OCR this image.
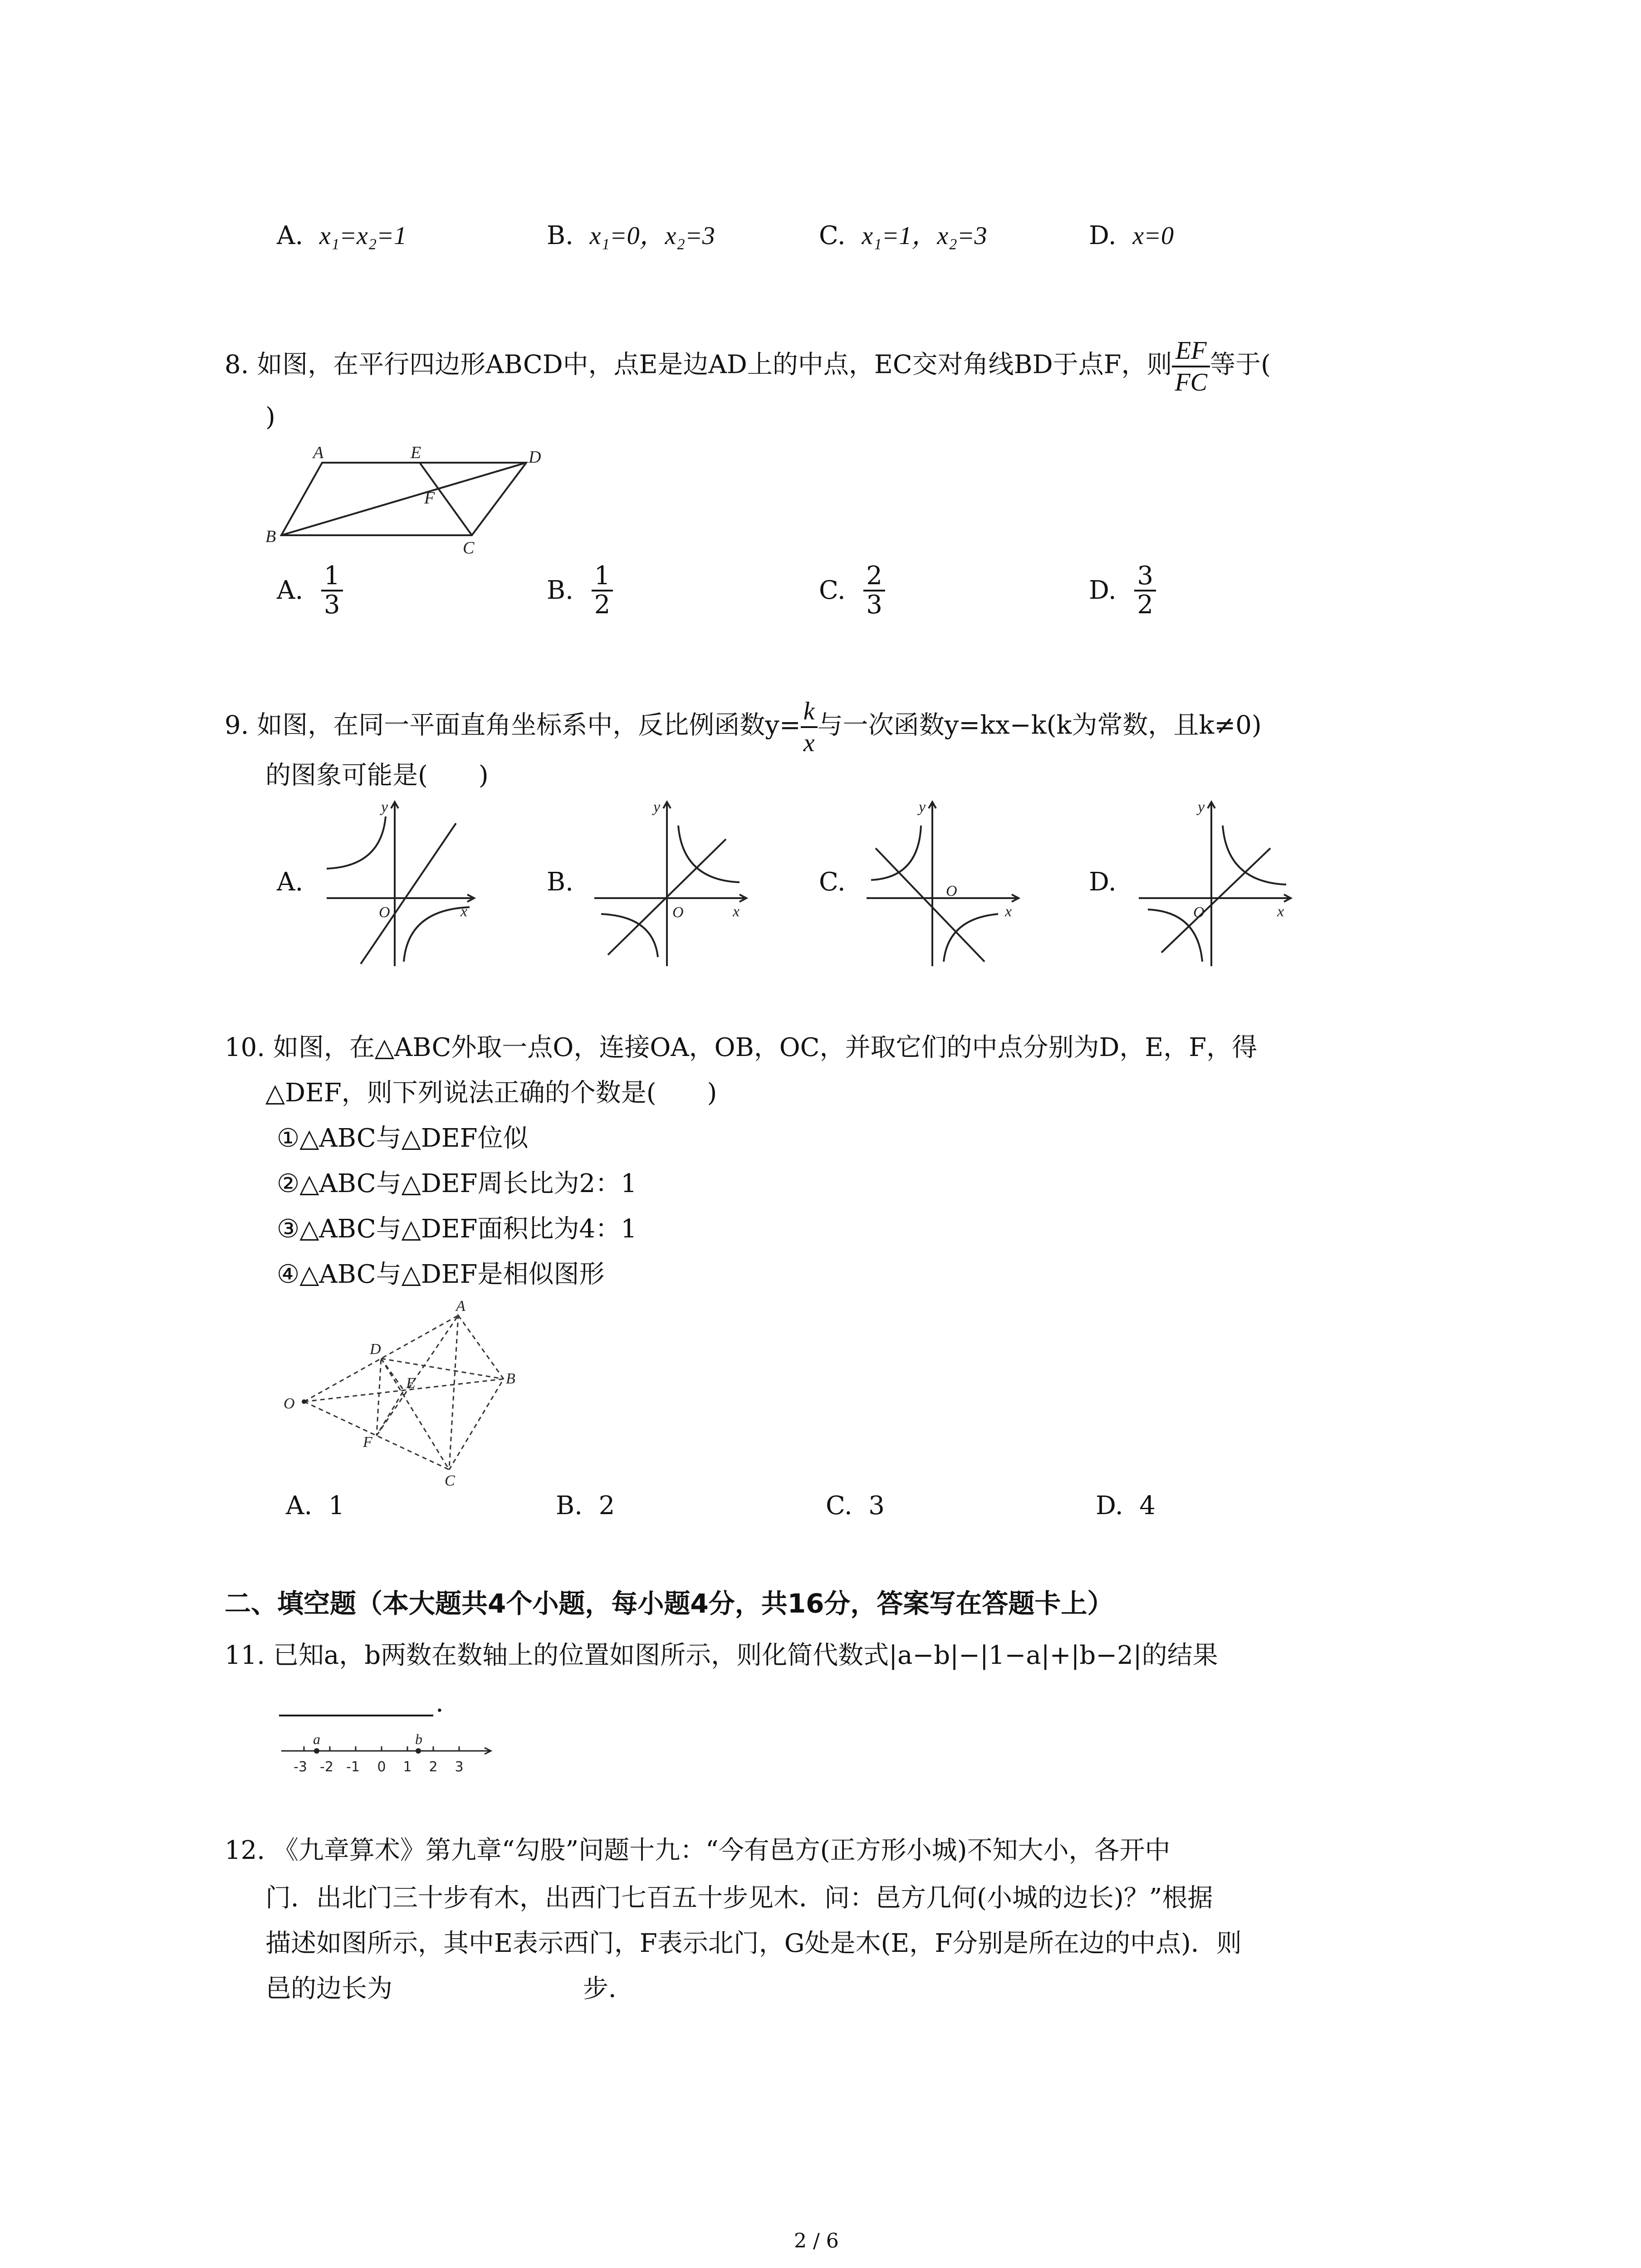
A. x₁=x₂=1	B. x₁=0，x₂=3	C. x₁=1，x₂=3	D. x=0
8. 如图，在平行四边形ABCD中，点E是边AD上的中点，EC交对角线BD于点F，则 $\frac{EF}{FC}$ 等于(
)
A	E	D
F
B
C
A. $\frac{1}{3}$	B. $\frac{1}{2}$	C. $\frac{2}{3}$	D. $\frac{3}{2}$
9. 如图，在同一平面直角坐标系中，反比例函数$y= \frac{k}{x}$ 与一次函数y=kx−k(k为常数，且k≠0)
的图象可能是(　　)
A.
y
x
O
B.
y
x
O
C.
y
x
O	D.
y
x
O
10. 如图，在△ABC外取一点O，连接OA，OB，OC，并取它们的中点分别为D，E，F，得
△DEF，则下列说法正确的个数是(　　)
①△ABC与△DEF位似
②△ABC与△DEF周长比为2：1
③△ABC与△DEF面积比为4：1
④△ABC与△DEF是相似图形
A
B
C
D
E
F
O
A. 1	B. 2	C. 3	D. 4
二、填空题（本大题共4个小题，每小题4分，共16分，答案写在答题卡上）
11. 已知a，b两数在数轴上的位置如图所示，则化简代数式|a−b|−|1−a|+|b−2|的结果
.
a	b
-3 -2 -1 0 1 2 3
12. 《九章算术》第九章“勾股”问题十九：“今有邑方(正方形小城)不知大小，各开中
门．出北门三十步有木，出西门七百五十步见木．问：邑方几何(小城的边长)？”根据
描述如图所示，其中E表示西门，F表示北门，G处是木(E，F分别是所在边的中点)．则
邑的边长为	步．
2 / 6
